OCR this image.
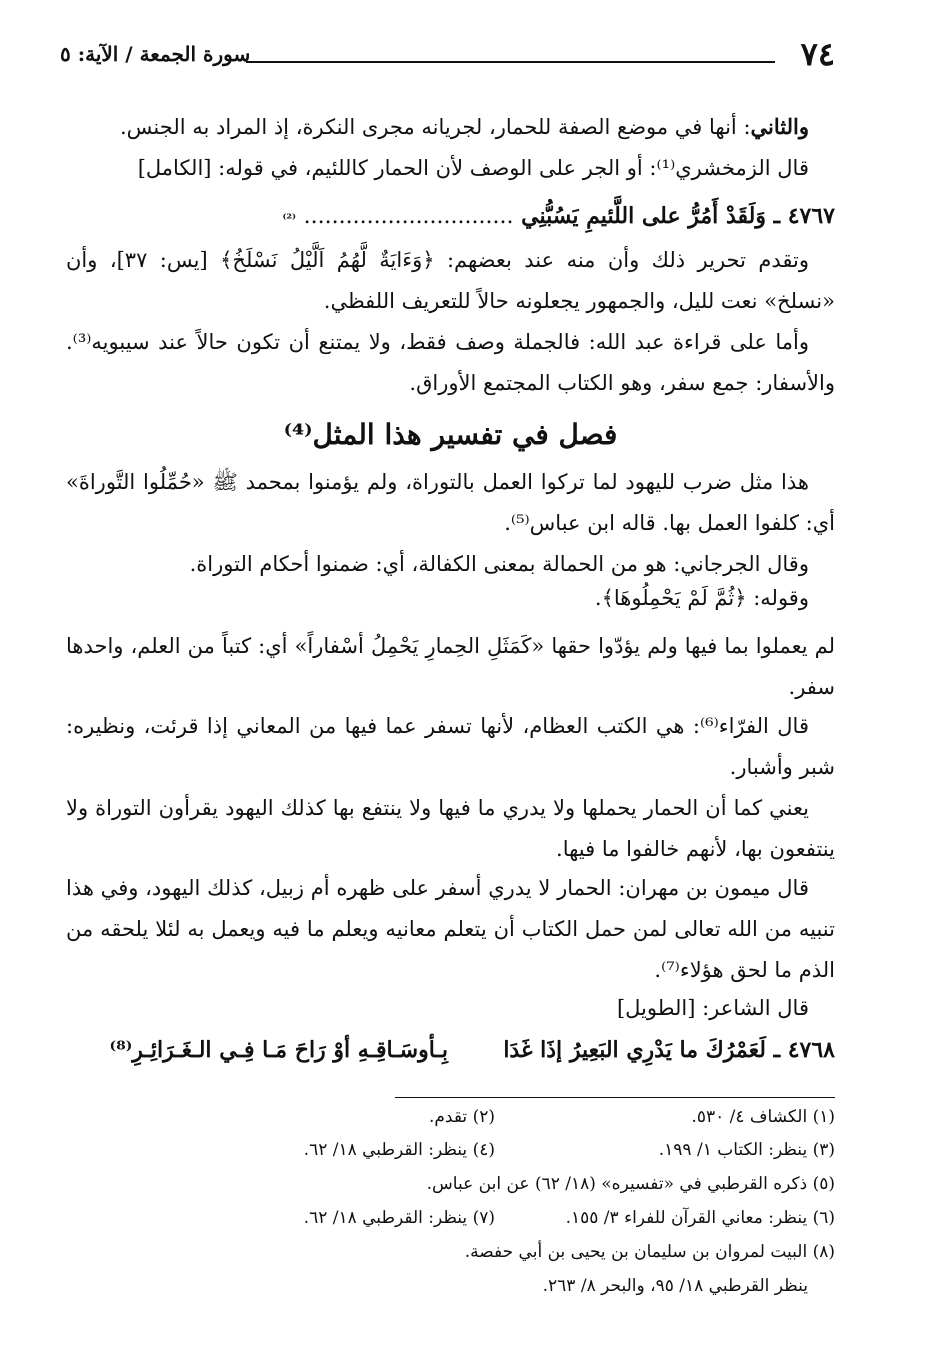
٧٤
سورة الجمعة / الآية: ٥
والثاني: أنها في موضع الصفة للحمار، لجريانه مجرى النكرة، إذ المراد به الجنس.
قال الزمخشري⁽¹⁾: أو الجر على الوصف لأن الحمار كاللئيم، في قوله: [الكامل]
٤٧٦٧ ـ وَلَقَدْ أَمُرُّ على اللَّئيمِ يَسُبُّنِي .............................. ⁽²⁾
وتقدم تحرير ذلك وأن منه عند بعضهم: ﴿وَءَايَةٌ لَّهُمُ اَلَّيْلُ نَسْلَخُ﴾ [يس: ٣٧]، وأن «نسلخ» نعت لليل، والجمهور يجعلونه حالاً للتعريف اللفظي.
وأما على قراءة عبد الله: فالجملة وصف فقط، ولا يمتنع أن تكون حالاً عند سيبويه⁽³⁾. والأسفار: جمع سفر، وهو الكتاب المجتمع الأوراق.
فصل في تفسير هذا المثل⁽⁴⁾
هذا مثل ضرب لليهود لما تركوا العمل بالتوراة، ولم يؤمنوا بمحمد ﷺ «حُمِّلُوا التَّوراةَ» أي: كلفوا العمل بها. قاله ابن عباس⁽⁵⁾.
وقال الجرجاني: هو من الحمالة بمعنى الكفالة، أي: ضمنوا أحكام التوراة.
وقوله: ﴿ثُمَّ لَمْ يَحْمِلُوهَا﴾.
لم يعملوا بما فيها ولم يؤدّوا حقها «كَمَثَلِ الحِمارِ يَحْمِلُ أسْفاراً» أي: كتباً من العلم، واحدها سفر.
قال الفرّاء⁽⁶⁾: هي الكتب العظام، لأنها تسفر عما فيها من المعاني إذا قرئت، ونظيره: شبر وأشبار.
يعني كما أن الحمار يحملها ولا يدري ما فيها ولا ينتفع بها كذلك اليهود يقرأون التوراة ولا ينتفعون بها، لأنهم خالفوا ما فيها.
قال ميمون بن مهران: الحمار لا يدري أسفر على ظهره أم زبيل، كذلك اليهود، وفي هذا تنبيه من الله تعالى لمن حمل الكتاب أن يتعلم معانيه ويعلم ما فيه ويعمل به لئلا يلحقه من الذم ما لحق هؤلاء⁽⁷⁾.
قال الشاعر: [الطويل]
٤٧٦٨ ـ لَعَمْرُكَ ما يَدْرِي البَعِيرُ إذَا غَدَا  بِـأوسَـاقِـهِ أوْ رَاحَ مَـا فِـي الـغَـرَائِـرِ⁽⁸⁾
(١) الكشاف ٤/ ٥٣٠.
(٢) تقدم.
(٣) ينظر: الكتاب ١/ ١٩٩.
(٤) ينظر: القرطبي ١٨/ ٦٢.
(٥) ذكره القرطبي في «تفسيره» (١٨/ ٦٢) عن ابن عباس.
(٦) ينظر: معاني القرآن للفراء ٣/ ١٥٥.
(٧) ينظر: القرطبي ١٨/ ٦٢.
(٨) البيت لمروان بن سليمان بن يحيى بن أبي حفصة.
ينظر القرطبي ١٨/ ٩٥، والبحر ٨/ ٢٦٣.
